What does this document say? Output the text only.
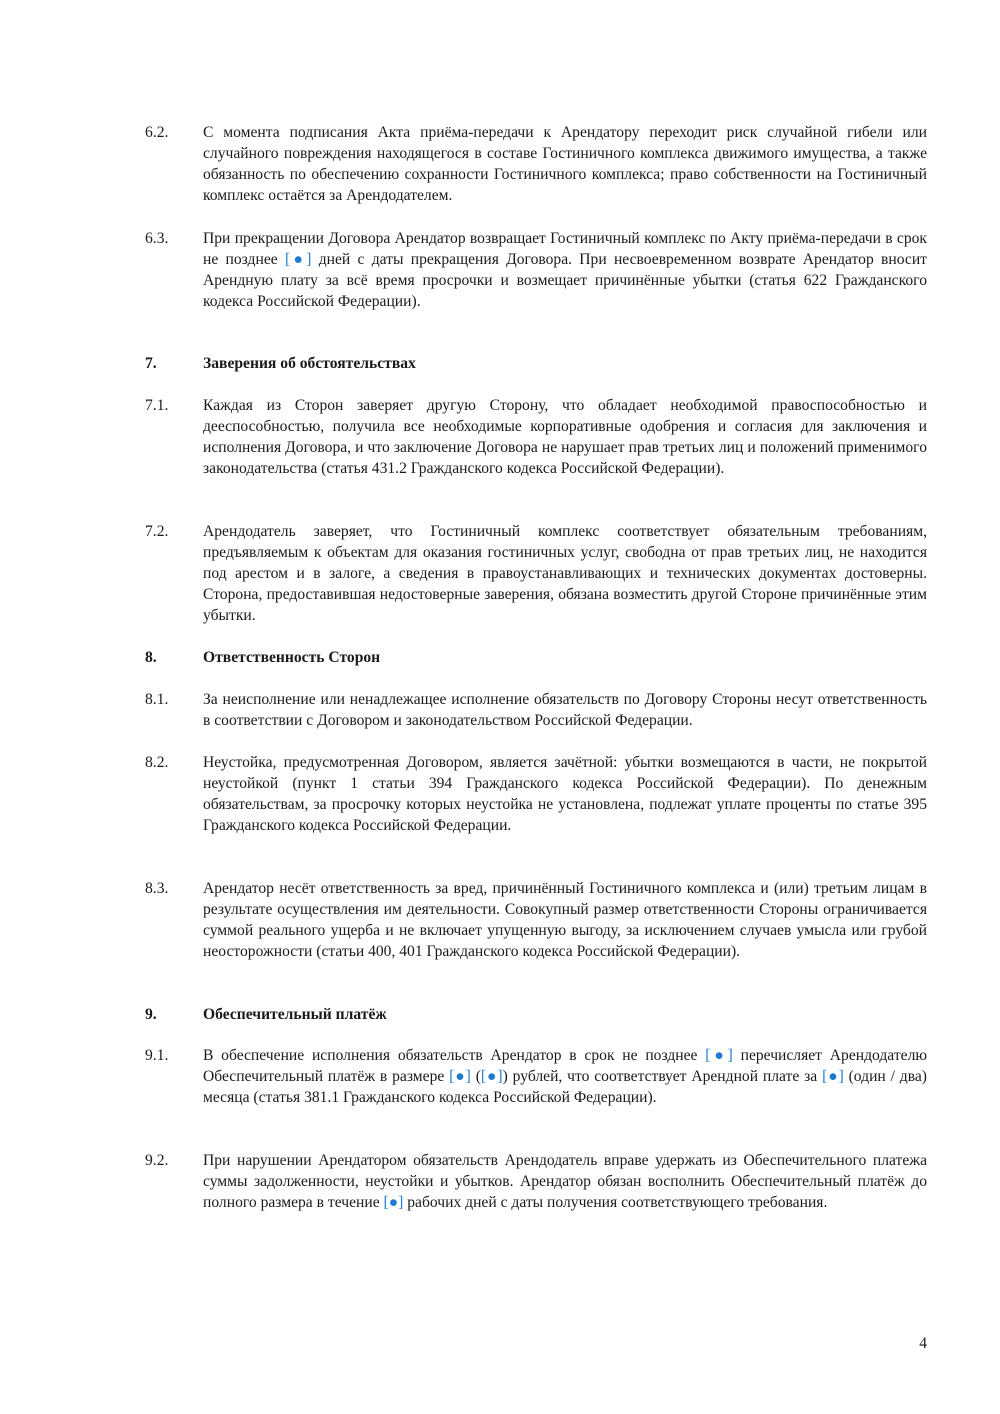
6.2.	С момента подписания Акта приёма-передачи к Арендатору переходит риск случайной гибели или случайного повреждения находящегося в составе Гостиничного комплекса движимого имущества, а также обязанность по обеспечению сохранности Гостиничного комплекса; право собственности на Гостиничный комплекс остаётся за Арендодателем.
6.3.	При прекращении Договора Арендатор возвращает Гостиничный комплекс по Акту приёма-передачи в срок не позднее [●] дней с даты прекращения Договора. При несвоевременном возврате Арендатор вносит Арендную плату за всё время просрочки и возмещает причинённые убытки (статья 622 Гражданского кодекса Российской Федерации).
7.	Заверения об обстоятельствах
7.1.	Каждая из Сторон заверяет другую Сторону, что обладает необходимой правоспособностью и дееспособностью, получила все необходимые корпоративные одобрения и согласия для заключения и исполнения Договора, и что заключение Договора не нарушает прав третьих лиц и положений применимого законодательства (статья 431.2 Гражданского кодекса Российской Федерации).
7.2.	Арендодатель заверяет, что Гостиничный комплекс соответствует обязательным требованиям, предъявляемым к объектам для оказания гостиничных услуг, свободна от прав третьих лиц, не находится под арестом и в залоге, а сведения в правоустанавливающих и технических документах достоверны. Сторона, предоставившая недостоверные заверения, обязана возместить другой Стороне причинённые этим убытки.
8.	Ответственность Сторон
8.1.	За неисполнение или ненадлежащее исполнение обязательств по Договору Стороны несут ответственность в соответствии с Договором и законодательством Российской Федерации.
8.2.	Неустойка, предусмотренная Договором, является зачётной: убытки возмещаются в части, не покрытой неустойкой (пункт 1 статьи 394 Гражданского кодекса Российской Федерации). По денежным обязательствам, за просрочку которых неустойка не установлена, подлежат уплате проценты по статье 395 Гражданского кодекса Российской Федерации.
8.3.	Арендатор несёт ответственность за вред, причинённый Гостиничного комплекса и (или) третьим лицам в результате осуществления им деятельности. Совокупный размер ответственности Стороны ограничивается суммой реального ущерба и не включает упущенную выгоду, за исключением случаев умысла или грубой неосторожности (статьи 400, 401 Гражданского кодекса Российской Федерации).
9.	Обеспечительный платёж
9.1.	В обеспечение исполнения обязательств Арендатор в срок не позднее [●] перечисляет Арендодателю Обеспечительный платёж в размере [●] ([●]) рублей, что соответствует Арендной плате за [●] (один / два) месяца (статья 381.1 Гражданского кодекса Российской Федерации).
9.2.	При нарушении Арендатором обязательств Арендодатель вправе удержать из Обеспечительного платежа суммы задолженности, неустойки и убытков. Арендатор обязан восполнить Обеспечительный платёж до полного размера в течение [●] рабочих дней с даты получения соответствующего требования.
4
